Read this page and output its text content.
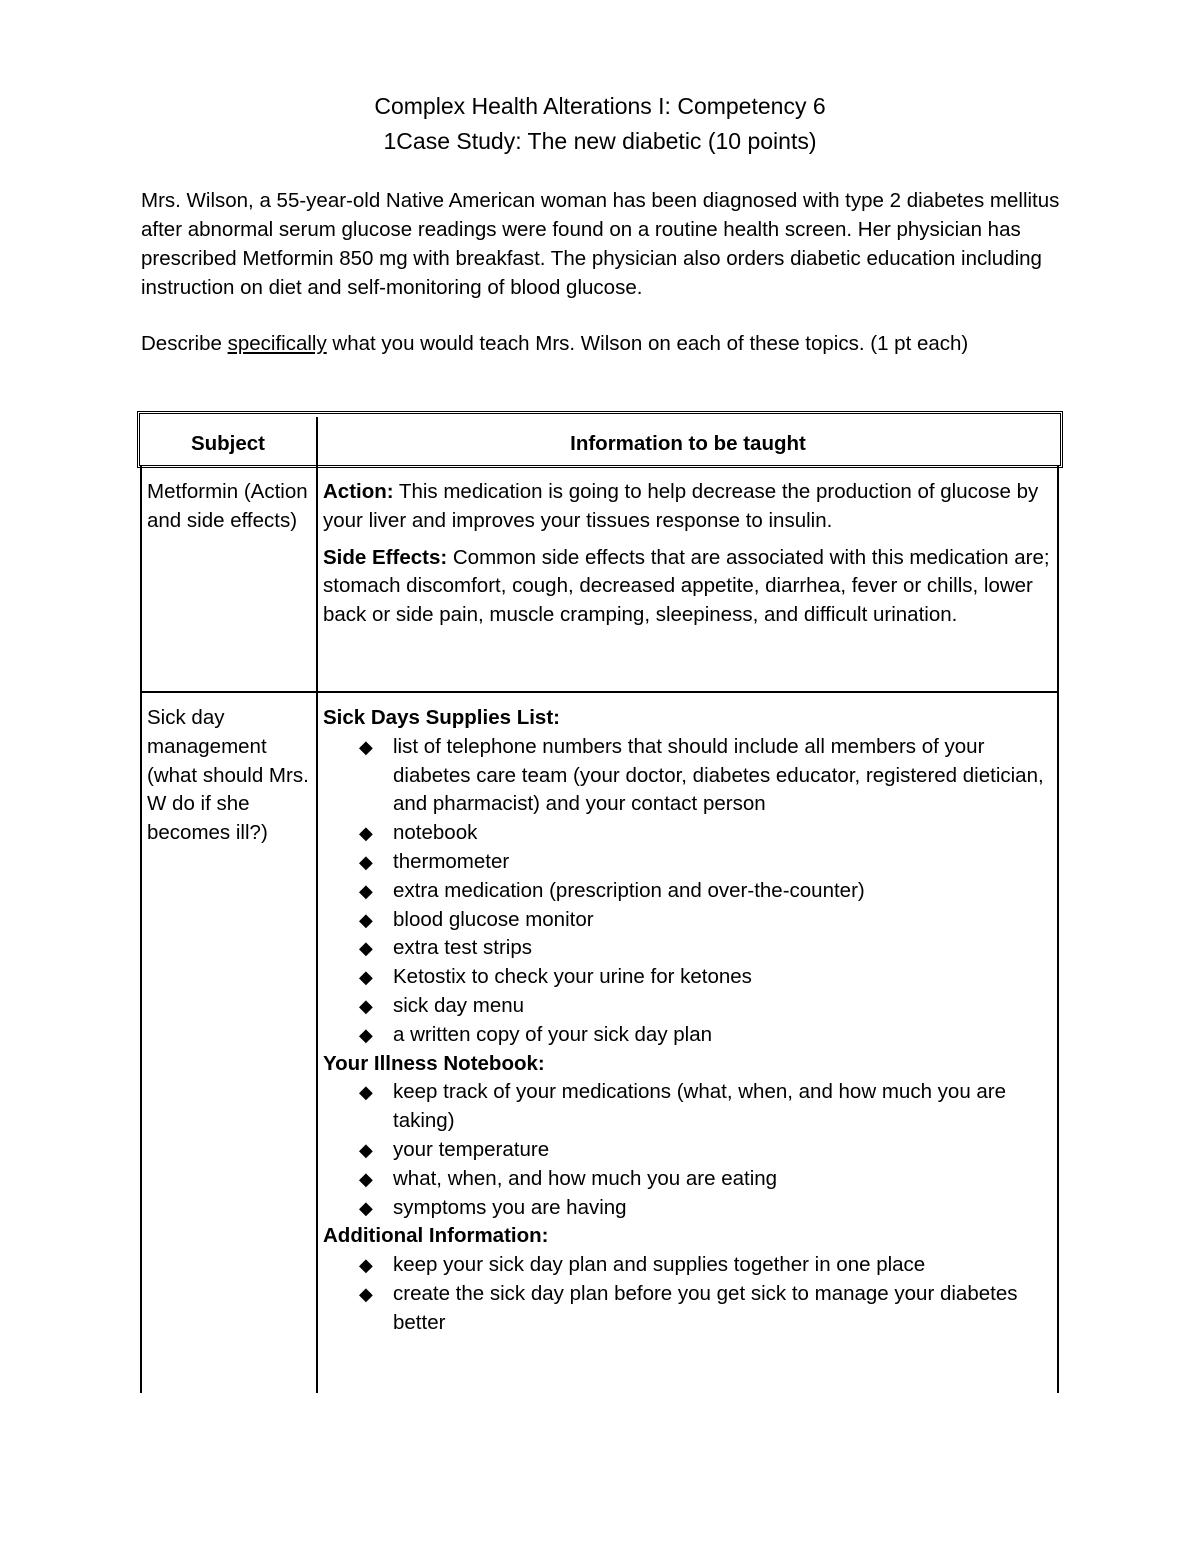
Complex Health Alterations I: Competency 6
1Case Study: The new diabetic (10 points)
Mrs. Wilson, a 55-year-old Native American woman has been diagnosed with type 2 diabetes mellitus after abnormal serum glucose readings were found on a routine health screen. Her physician has prescribed Metformin 850 mg with breakfast. The physician also orders diabetic education including instruction on diet and self-monitoring of blood glucose.
Describe specifically what you would teach Mrs. Wilson on each of these topics. (1 pt each)
Subject	Information to be taught
Metformin (Action and side effects)

Action: This medication is going to help decrease the production of glucose by your liver and improves your tissues response to insulin.

Side Effects: Common side effects that are associated with this medication are; stomach discomfort, cough, decreased appetite, diarrhea, fever or chills, lower back or side pain, muscle cramping, sleepiness, and difficult urination.

Sick day management (what should Mrs. W do if she becomes ill?)

Sick Days Supplies List:

◆ list of telephone numbers that should include all members of your diabetes care team (your doctor, diabetes educator, registered dietician, and pharmacist) and your contact person
◆ notebook
◆ thermometer
◆ extra medication (prescription and over-the-counter)
◆ blood glucose monitor
◆ extra test strips
◆ Ketostix to check your urine for ketones
◆ sick day menu
◆ a written copy of your sick day plan

Your Illness Notebook:

◆ keep track of your medications (what, when, and how much you are taking)
◆ your temperature
◆ what, when, and how much you are eating
◆ symptoms you are having

Additional Information:

◆ keep your sick day plan and supplies together in one place
◆ create the sick day plan before you get sick to manage your diabetes better
